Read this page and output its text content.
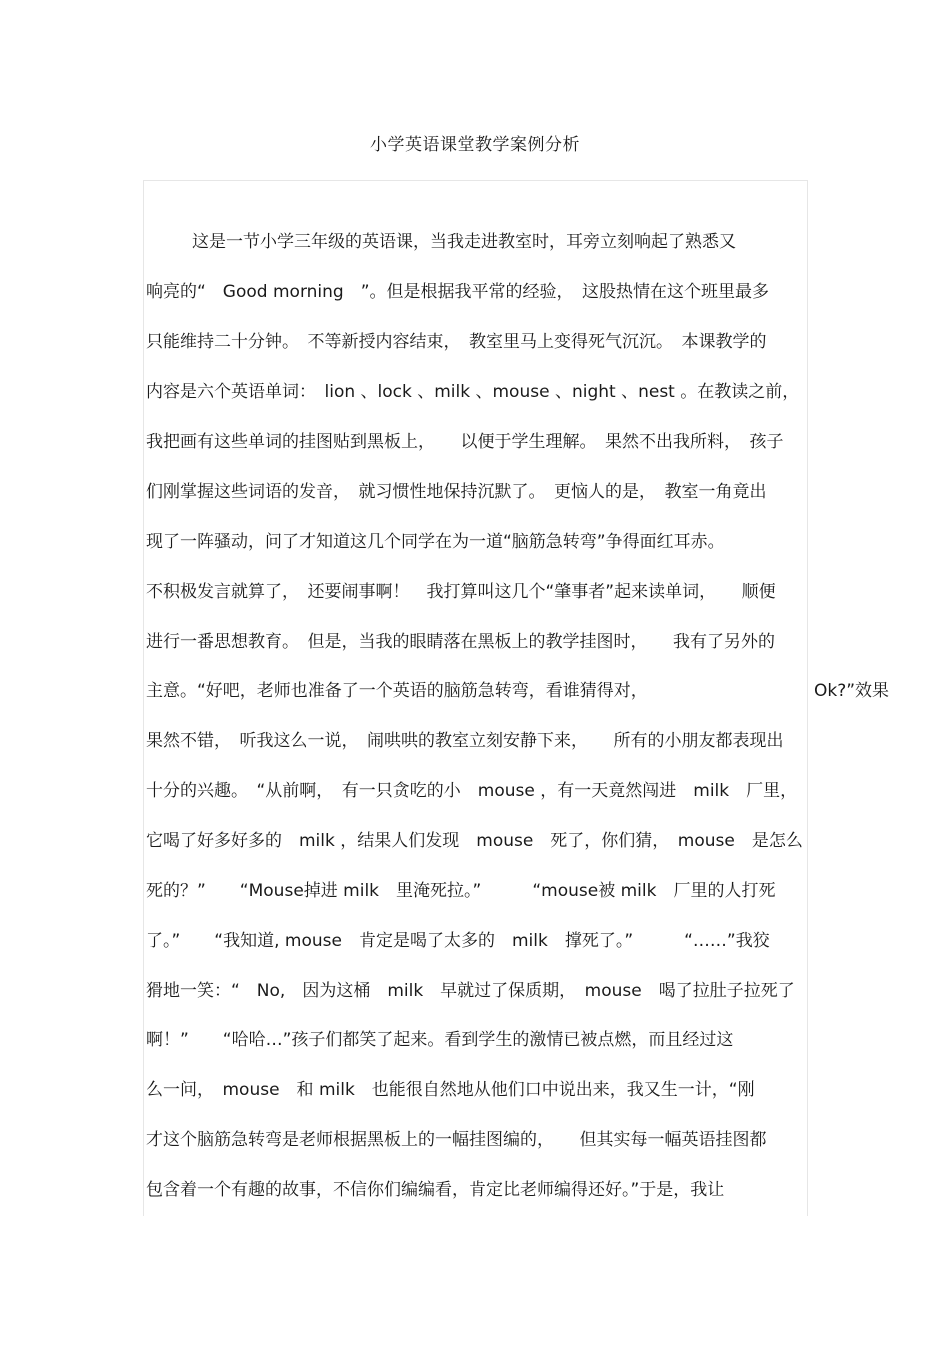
小学英语课堂教学案例分析
这是一节小学三年级的英语课，当我走进教室时，耳旁立刻响起了熟悉又
响亮的“　Good morning　”。但是根据我平常的经验，　这股热情在这个班里最多
只能维持二十分钟。　不等新授内容结束，　教室里马上变得死气沉沉。　本课教学的
内容是六个英语单词：　lion 、lock 、milk 、mouse 、night 、nest 。在教读之前，
我把画有这些单词的挂图贴到黑板上，　　以便于学生理解。　果然不出我所料，　孩子
们刚掌握这些词语的发音，　就习惯性地保持沉默了。　更恼人的是，　教室一角竟出
现了一阵骚动，问了才知道这几个同学在为一道“脑筋急转弯”争得面红耳赤。
不积极发言就算了，　还要闹事啊！　我打算叫这几个“肇事者”起来读单词，　　顺便
进行一番思想教育。　但是，当我的眼睛落在黑板上的教学挂图时，　　我有了另外的
主意。“好吧，老师也准备了一个英语的脑筋急转弯，看谁猜得对，	Ok?”效果
果然不错，　听我这么一说，　闹哄哄的教室立刻安静下来，　　所有的小朋友都表现出
十分的兴趣。　“从前啊，　有一只贪吃的小　mouse ，有一天竟然闯进　milk　厂里，
它喝了好多好多的　milk ，结果人们发现　mouse　死了，你们猜，　mouse　是怎么
死的？”　　“Mouse掉进 milk　里淹死拉。”　　　“mouse被 milk　厂里的人打死
了。”　　“我知道, mouse　肯定是喝了太多的　milk　撑死了。”　　　“……”我狡
猾地一笑：“　No,　因为这桶　milk　早就过了保质期，　mouse　喝了拉肚子拉死了
啊！”　　“哈哈…”孩子们都笑了起来。看到学生的激情已被点燃，而且经过这
么一问，　mouse　和 milk　也能很自然地从他们口中说出来，我又生一计，“刚
才这个脑筋急转弯是老师根据黑板上的一幅挂图编的，　　但其实每一幅英语挂图都
包含着一个有趣的故事，不信你们编编看，肯定比老师编得还好。”于是，我让
